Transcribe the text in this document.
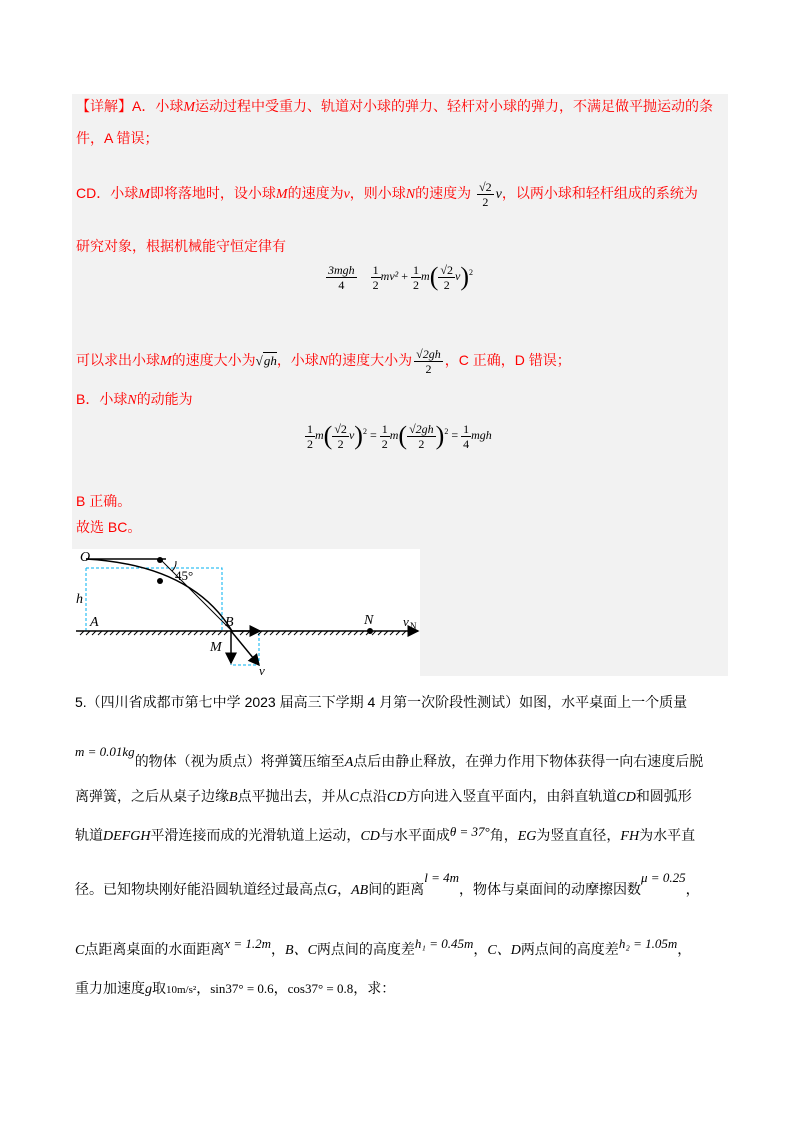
【详解】A．小球M运动过程中受重力、轨道对小球的弹力、轻杆对小球的弹力，不满足做平抛运动的条
件，A 错误；
CD．小球M即将落地时，设小球M的速度为v，则小球N的速度为 $\frac{√2}{2}$ v，以两小球和轻杆组成的系统为
研究对象，根据机械能守恒定律有
$\frac{\text{3mgh}}{4}$
$\frac{1}{2} mv^2 + \frac{1}{2} m( \frac{√2}{2} v)^2$
可以求出小球M的速度大小为√gh，小球N的速度大小为 $\frac{√2gh}{2}$ ，C 正确，D 错误；
B．小球N的动能为
$\frac{1}{2} m( \frac{√2}{2} v)^2 = \frac{1}{2} m( \frac{√2gh}{2} )^2 = \frac{1}{4}$ mgh
B 正确。
故选 BC。
O
h
A	B	N v N
M
v
45°
5.（四川省成都市第七中学 2023 届高三下学期 4 月第一次阶段性测试）如图，水平桌面上一个质量
m = 0.01kg的物体（视为质点）将弹簧压缩至A点后由静止释放，在弹力作用下物体获得一向右速度后脱
离弹簧，之后从桌子边缘B点平抛出去，并从C点沿CD方向进入竖直平面内，由斜直轨道CD和圆弧形
轨道DEFGH平滑连接而成的光滑轨道上运动，CD与水平面成θ = 37°角，EG为竖直直径，FH为水平直
径。已知物块刚好能沿圆轨道经过最高点G，AB间的距离l = 4m，物体与桌面间的动摩擦因数μ = 0.25，
C点距离桌面的水面距离x = 1.2m，B、C两点间的高度差h₁ = 0.45m，C、D两点间的高度差h₂ = 1.05m，
重力加速度g取10m/s²，sin37° = 0.6，cos37° = 0.8，求：
